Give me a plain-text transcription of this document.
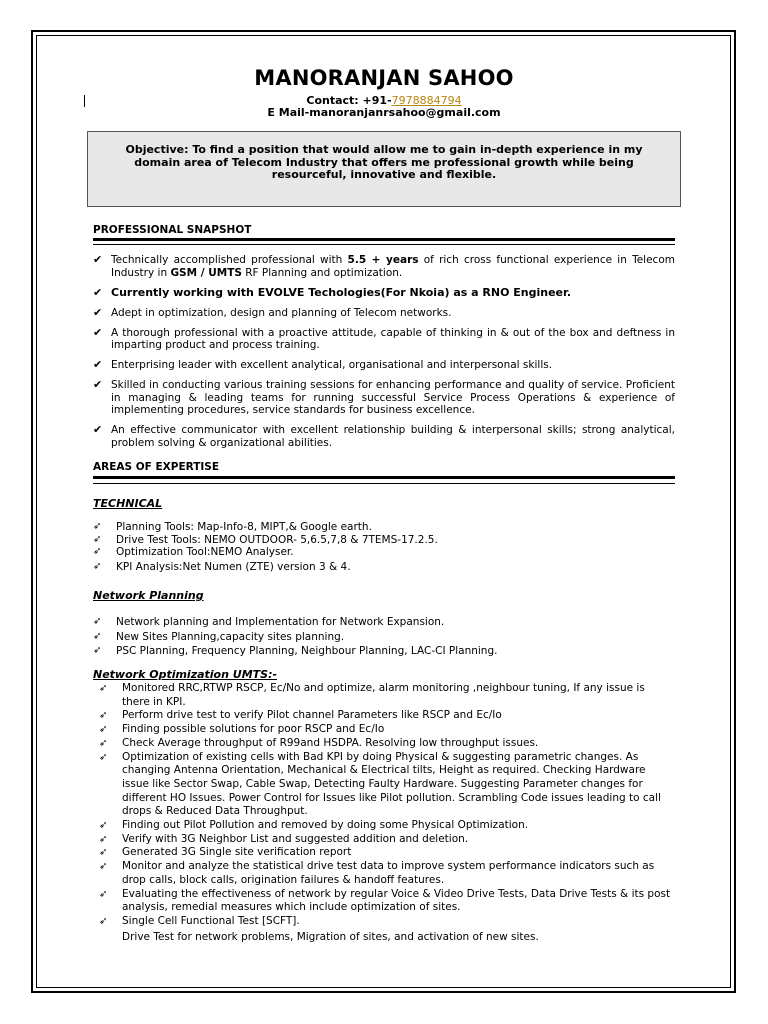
MANORANJAN SAHOO
Contact: +91-7978884794
E Mail-manoranjanrsahoo@gmail.com
Objective: To find a position that would allow me to gain in-depth experience in my domain area of Telecom Industry that offers me professional growth while being resourceful, innovative and flexible.
PROFESSIONAL SNAPSHOT
✔ Technically accomplished professional with 5.5 + years of rich cross functional experience in Telecom Industry in GSM / UMTS RF Planning and optimization.
✔ Currently working with EVOLVE Techologies(For Nkoia) as a RNO Engineer.
✔ Adept in optimization, design and planning of Telecom networks.
✔ A thorough professional with a proactive attitude, capable of thinking in & out of the box and deftness in imparting product and process training.
✔ Enterprising leader with excellent analytical, organisational and interpersonal skills.
✔ Skilled in conducting various training sessions for enhancing performance and quality of service. Proficient in managing & leading teams for running successful Service Process Operations & experience of implementing procedures, service standards for business excellence.
✔ An effective communicator with excellent relationship building & interpersonal skills; strong analytical, problem solving & organizational abilities.
AREAS OF EXPERTISE
TECHNICAL
➶ Planning Tools: Map-Info-8, MIPT,& Google earth.
➶ Drive Test Tools: NEMO OUTDOOR- 5,6.5,7,8 & 7TEMS-17.2.5.
➶ Optimization Tool:NEMO Analyser.
➶ KPI Analysis:Net Numen (ZTE) version 3 & 4.
Network Planning
➶ Network planning and Implementation for Network Expansion.
➶ New Sites Planning,capacity sites planning.
➶ PSC Planning, Frequency Planning, Neighbour Planning, LAC-CI Planning.
Network Optimization UMTS:-
➶ Monitored RRC,RTWP RSCP, Ec/No and optimize, alarm monitoring ,neighbour tuning, If any issue is there in KPI.
➶ Perform drive test to verify Pilot channel Parameters like RSCP and Ec/Io
➶ Finding possible solutions for poor RSCP and Ec/Io
➶ Check Average throughput of R99and HSDPA. Resolving low throughput issues.
➶ Optimization of existing cells with Bad KPI by doing Physical & suggesting parametric changes. As changing Antenna Orientation, Mechanical & Electrical tilts, Height as required. Checking Hardware issue like Sector Swap, Cable Swap, Detecting Faulty Hardware. Suggesting Parameter changes for different HO Issues. Power Control for Issues like Pilot pollution. Scrambling Code issues leading to call drops & Reduced Data Throughput.
➶ Finding out Pilot Pollution and removed by doing some Physical Optimization.
➶ Verify with 3G Neighbor List and suggested addition and deletion.
➶ Generated 3G Single site verification report
➶ Monitor and analyze the statistical drive test data to improve system performance indicators such as drop calls, block calls, origination failures & handoff features.
➶ Evaluating the effectiveness of network by regular Voice & Video Drive Tests, Data Drive Tests & its post analysis, remedial measures which include optimization of sites.
➶ Single Cell Functional Test [SCFT].
Drive Test for network problems, Migration of sites, and activation of new sites.
